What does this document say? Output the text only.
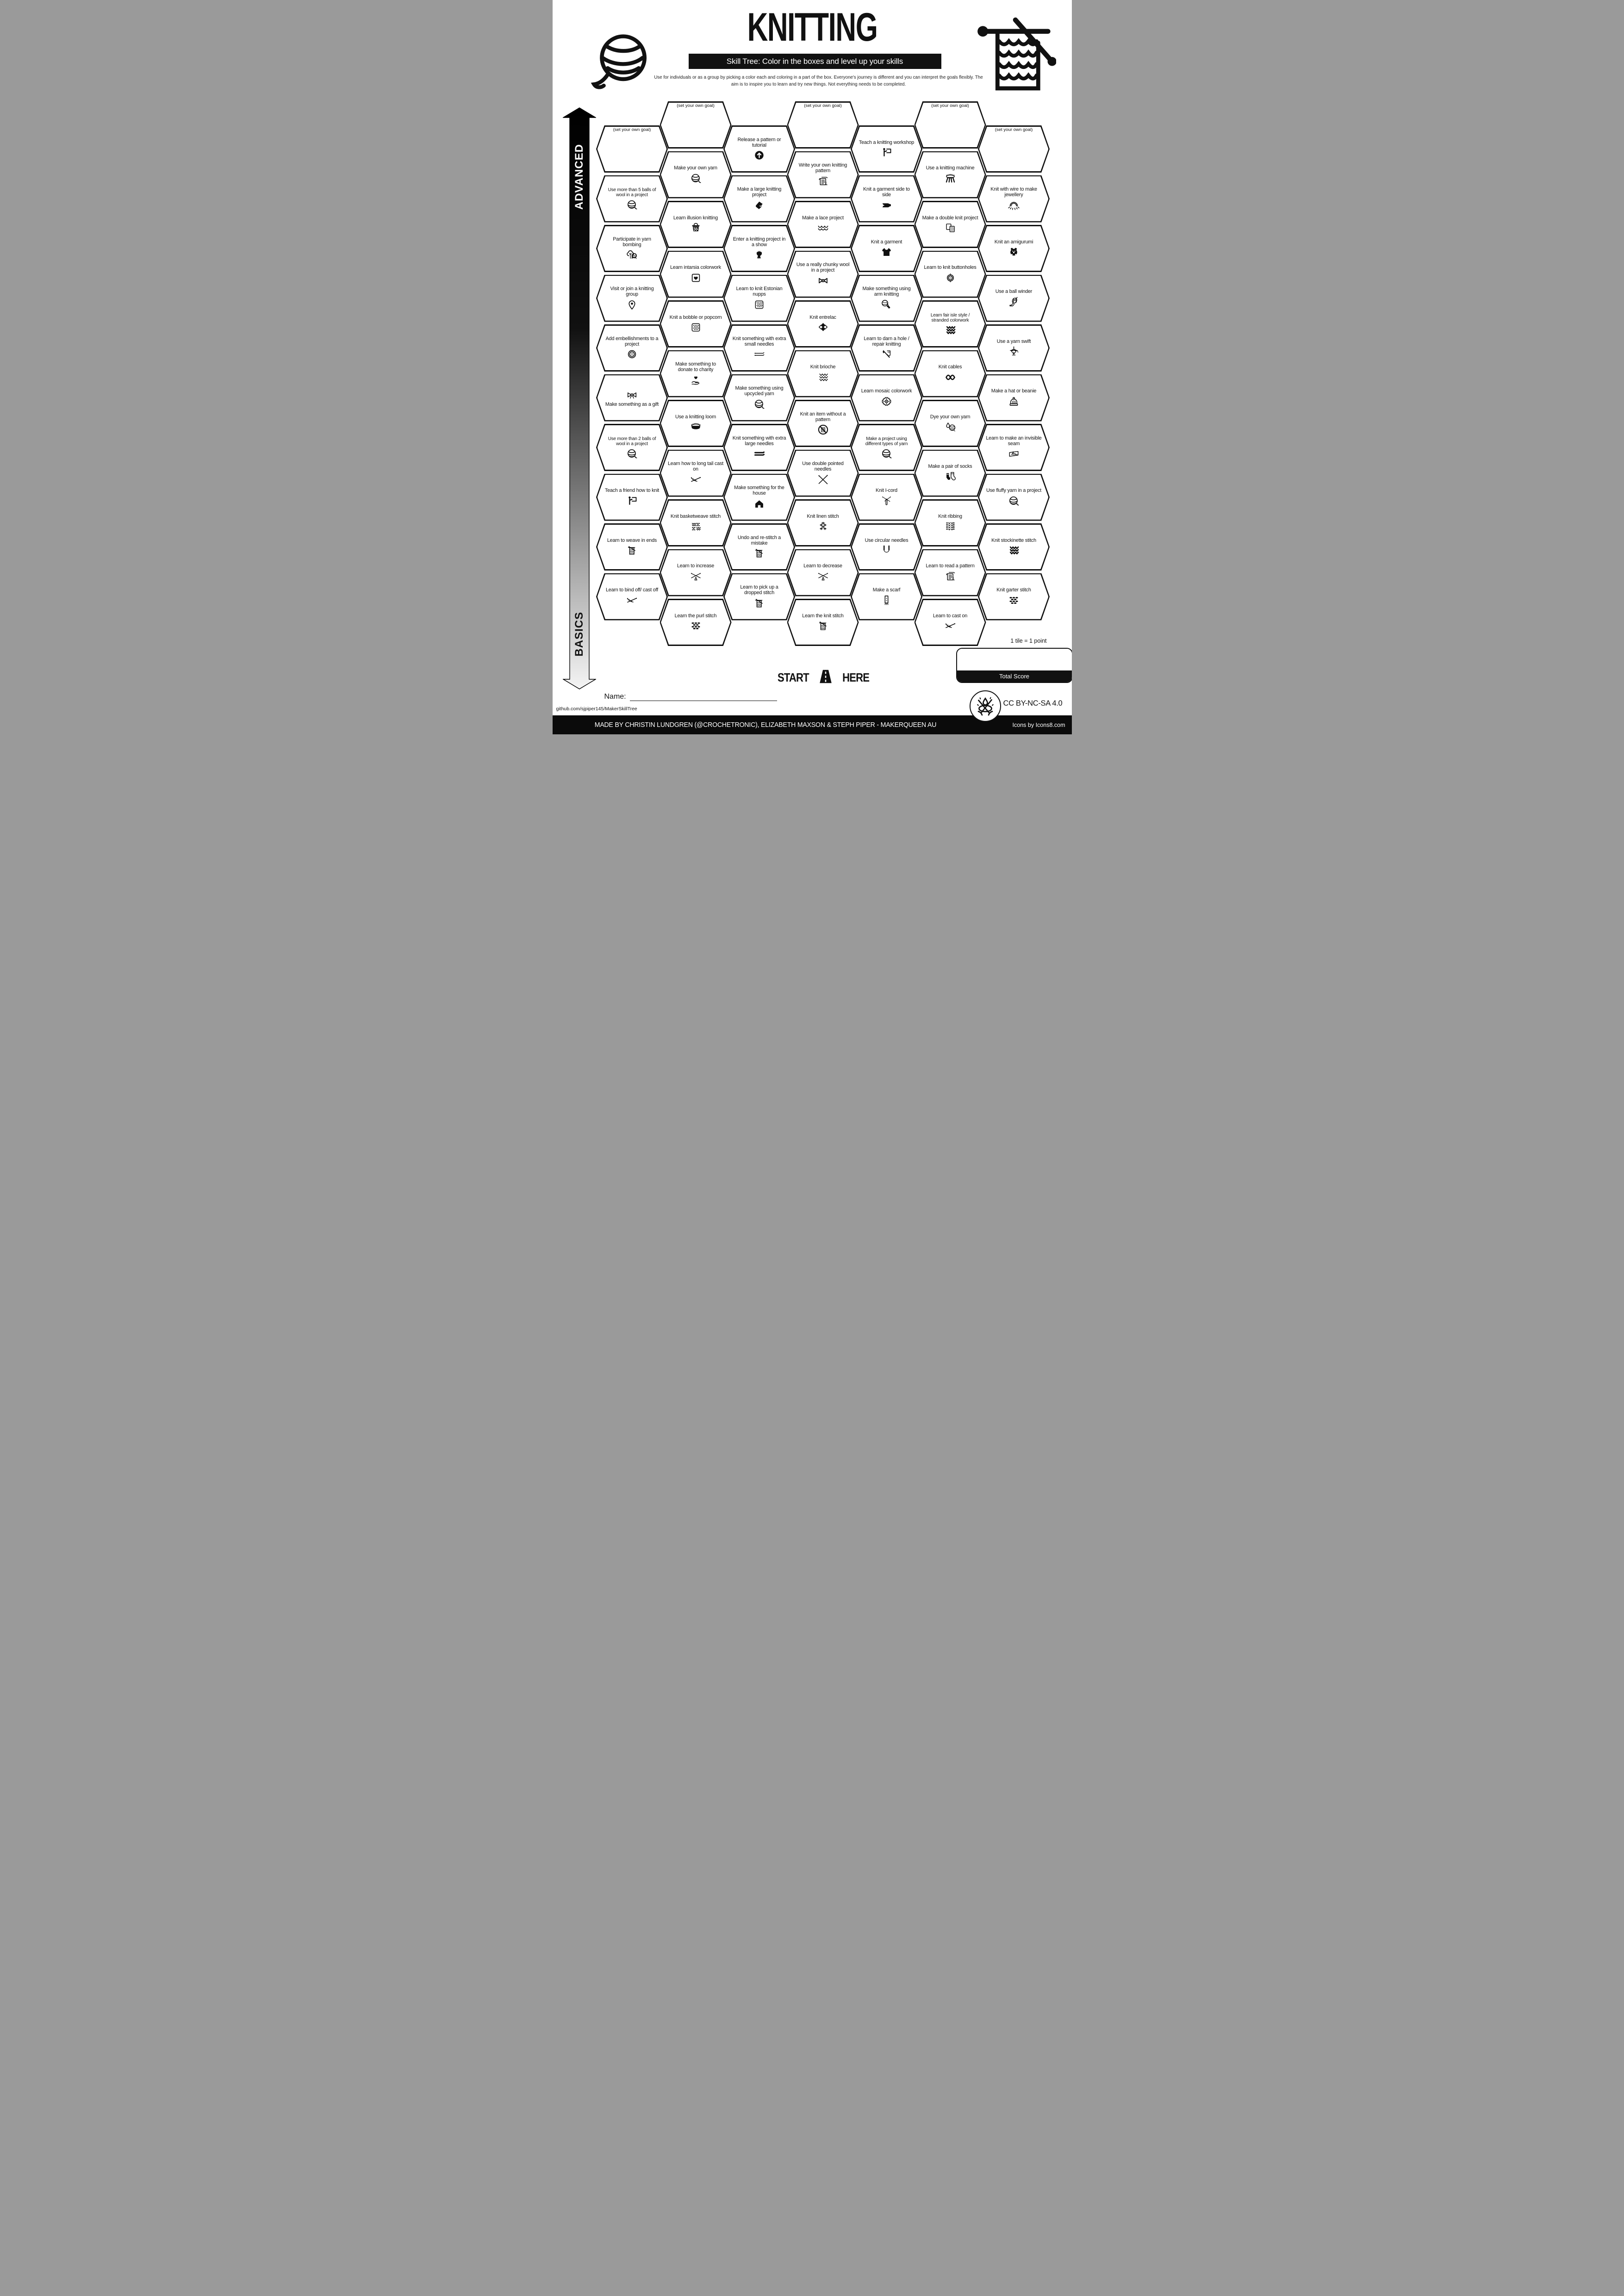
KNITTING
Skill Tree: Color in the boxes and level up your skills

Use for individuals or as a group by picking a color each and coloring in a part of the box. Everyone's journey is different and you can interpret the goals flexibly. The aim is to inspire you to learn and try new things. Not everything needs to be completed.

ADVANCED
BASICS
(set your own goal)
Use more than 5 balls of wool in a project
Participate in yarn bombing
Visit or join a knitting group
Add embellishments to a project
Make something as a gift
Use more than 2 balls of wool in a project
Teach a friend how to knit
Learn to weave in ends
Learn to bind off/ cast off
(set your own goal)
Make your own yarn
Learn illusion knitting
Learn intarsia colorwork
Knit a bobble or popcorn
Make something to donate to charity
Use a knitting loom
Learn how to long tail cast on
Knit basketweave stitch
Learn to increase
Learn the purl stitch
Release a pattern or tutorial
Make a large knitting project
Enter a knitting project in a show
Learn to knit Estonian nupps
Knit something with extra small needles
Make something using upcycled yarn
Knit something with extra large needles
Make something for the house
Undo and re-stitch a mistake
Learn to pick up a dropped stitch
(set your own goal)
Write your own knitting pattern
Make a lace project
Use a really chunky wool in a project
Knit entrelac
Knit brioche
Knit an item without a pattern
Use double pointed needles
Knit linen stitch
Learn to decrease
Learn the knit stitch
Teach a knitting workshop
Knit a garment side to side
Knit a garment
Make something using arm knitting
Learn to darn a hole / repair knitting
Learn mosaic colorwork
Make a project using different types of yarn
Knit I-cord
Use circular needles
Make a scarf
(set your own goal)
Use a knitting machine
Make a double knit project
Learn to knit buttonholes
Learn fair isle style / stranded colorwork
Knit cables
Dye your own yarn
Make a pair of socks
Knit ribbing
Learn to read a pattern
Learn to cast on
(set your own goal)
Knit with wire to make jewellery
Knit an amigurumi
Use a ball winder
Use a yarn swift
Make a hat or beanie
Learn to make an invisible seam
Use fluffy yarn in a project
Knit stockinette stitch
Knit garter stitch
START	HERE
1 tile = 1 point
Total Score
Name:
github.com/sjpiper145/MakerSkillTree
CC BY-NC-SA 4.0
MADE BY CHRISTIN LUNDGREN (@CROCHETRONIC), ELIZABETH MAXSON & STEPH PIPER - MAKERQUEEN AU	Icons by Icons8.com
